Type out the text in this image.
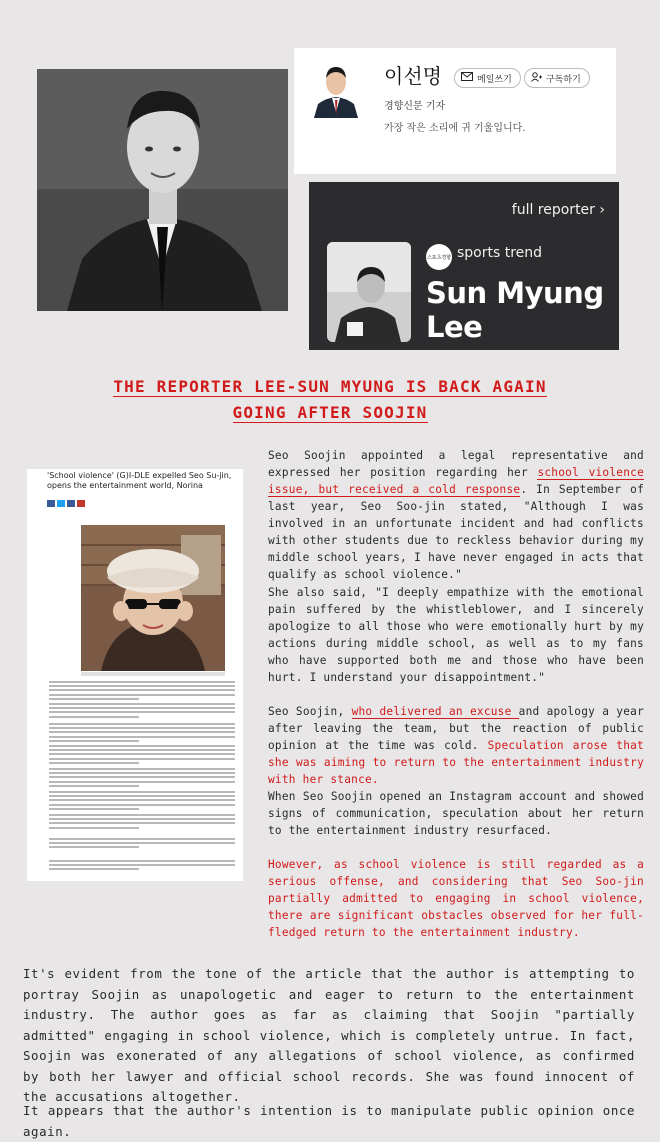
이선명	메일쓰기	구독하기
경향신문 기자
가장 작은 소리에 귀 기울입니다.
full reporter ›
스포츠경향 sports trend
Sun Myung
Lee
THE REPORTER LEE-SUN MYUNG IS BACK AGAIN
GOING AFTER SOOJIN
'School violence' (G)I-DLE expelled Seo Su-jin, opens the entertainment world, Norina
Seo Soojin appointed a legal representative and expressed her position regarding her school violence issue, but received a cold response. In September of last year, Seo Soo-jin stated, "Although I was involved in an unfortunate incident and had conflicts with other students due to reckless behavior during my middle school years, I have never engaged in acts that qualify as school violence."
She also said, "I deeply empathize with the emotional pain suffered by the whistleblower, and I sincerely apologize to all those who were emotionally hurt by my actions during middle school, as well as to my fans who have supported both me and those who have been hurt. I understand your disappointment."
Seo Soojin, who delivered an excuse and apology a year after leaving the team, but the reaction of public opinion at the time was cold. Speculation arose that she was aiming to return to the entertainment industry with her stance.
When Seo Soojin opened an Instagram account and showed signs of communication, speculation about her return to the entertainment industry resurfaced.
However, as school violence is still regarded as a serious offense, and considering that Seo Soo-jin partially admitted to engaging in school violence, there are significant obstacles observed for her full-fledged return to the entertainment industry.
It's evident from the tone of the article that the author is attempting to portray Soojin as unapologetic and eager to return to the entertainment industry. The author goes as far as claiming that Soojin "partially admitted" engaging in school violence, which is completely untrue. In fact, Soojin was exonerated of any allegations of school violence, as confirmed by both her lawyer and official school records. She was found innocent of the accusations altogether.
It appears that the author's intention is to manipulate public opinion once again.
